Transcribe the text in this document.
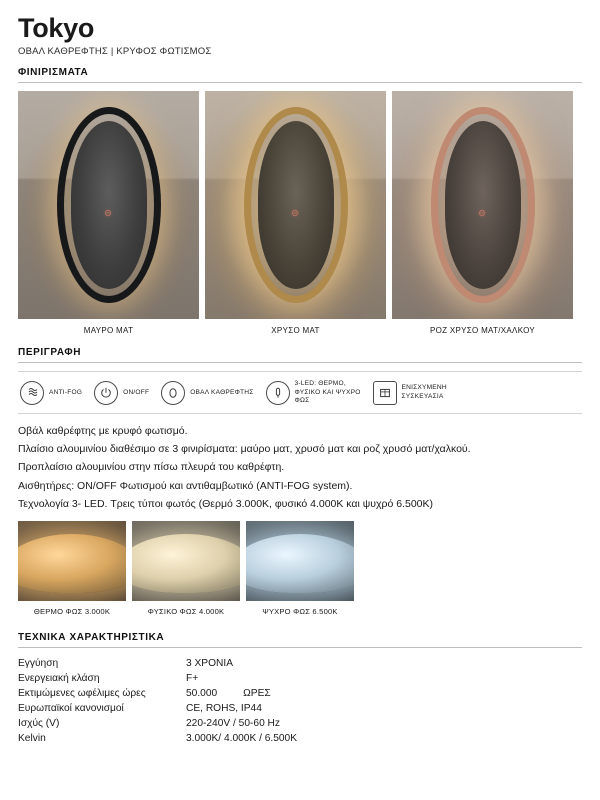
Tokyo
ΟΒΑΛ ΚΑΘΡΕΦΤΗΣ | ΚΡΥΦΟΣ ΦΩΤΙΣΜΟΣ
ΦΙΝΙΡΙΣΜΑΤΑ
Θ
ΜΑΥΡΟ ΜΑΤ
Θ
ΧΡΥΣΟ ΜΑΤ
Θ
ΡΟΖ ΧΡΥΣΟ ΜΑΤ/ΧΑΛΚΟΥ
ΠΕΡΙΓΡΑΦΗ
ANTI-FOG	ON/OFF	ΟΒΑΛ ΚΑΘΡΕΦΤΗΣ
3-LED: ΘΕΡΜΟ, ΦΥΣΙΚΟ ΚΑΙ ΨΥΧΡΟ ΦΩΣ
ΕΝΙΣΧΥΜΕΝΗ ΣΥΣΚΕΥΑΣΙΑ

Οβάλ καθρέφτης με κρυφό φωτισμό.

Πλαίσιο αλουμινίου διαθέσιμο σε 3 φινιρίσματα: μαύρο ματ, χρυσό ματ και ροζ χρυσό ματ/χαλκού.

Προπλαίσιο αλουμινίου στην πίσω πλευρά του καθρέφτη.

Αισθητήρες: ON/OFF Φωτισμού και αντιθαμβωτικό (ANTI-FOG system).

Τεχνολογία 3- LED. Τρεις τύποι φωτός (Θερμό 3.000Κ, φυσικό 4.000Κ και ψυχρό 6.500Κ)

ΘΕΡΜΟ ΦΩΣ 3.000Κ	ΦΥΣΙΚΟ ΦΩΣ 4.000Κ	ΨΥΧΡΟ ΦΩΣ 6.500Κ
ΤΕΧΝΙΚΑ ΧΑΡΑΚΤΗΡΙΣΤΙΚΑ
Εγγύηση	3 ΧΡΟΝΙΑ
Ενεργειακή κλάση	F+
Εκτιμώμενες ωφέλιμες ώρες	50.000 ΩΡΕΣ
Ευρωπαϊκοί κανονισμοί	CE, ROHS, IP44
Ισχύς (V)	220-240V / 50-60 Hz
Kelvin	3.000Κ/ 4.000Κ / 6.500Κ
